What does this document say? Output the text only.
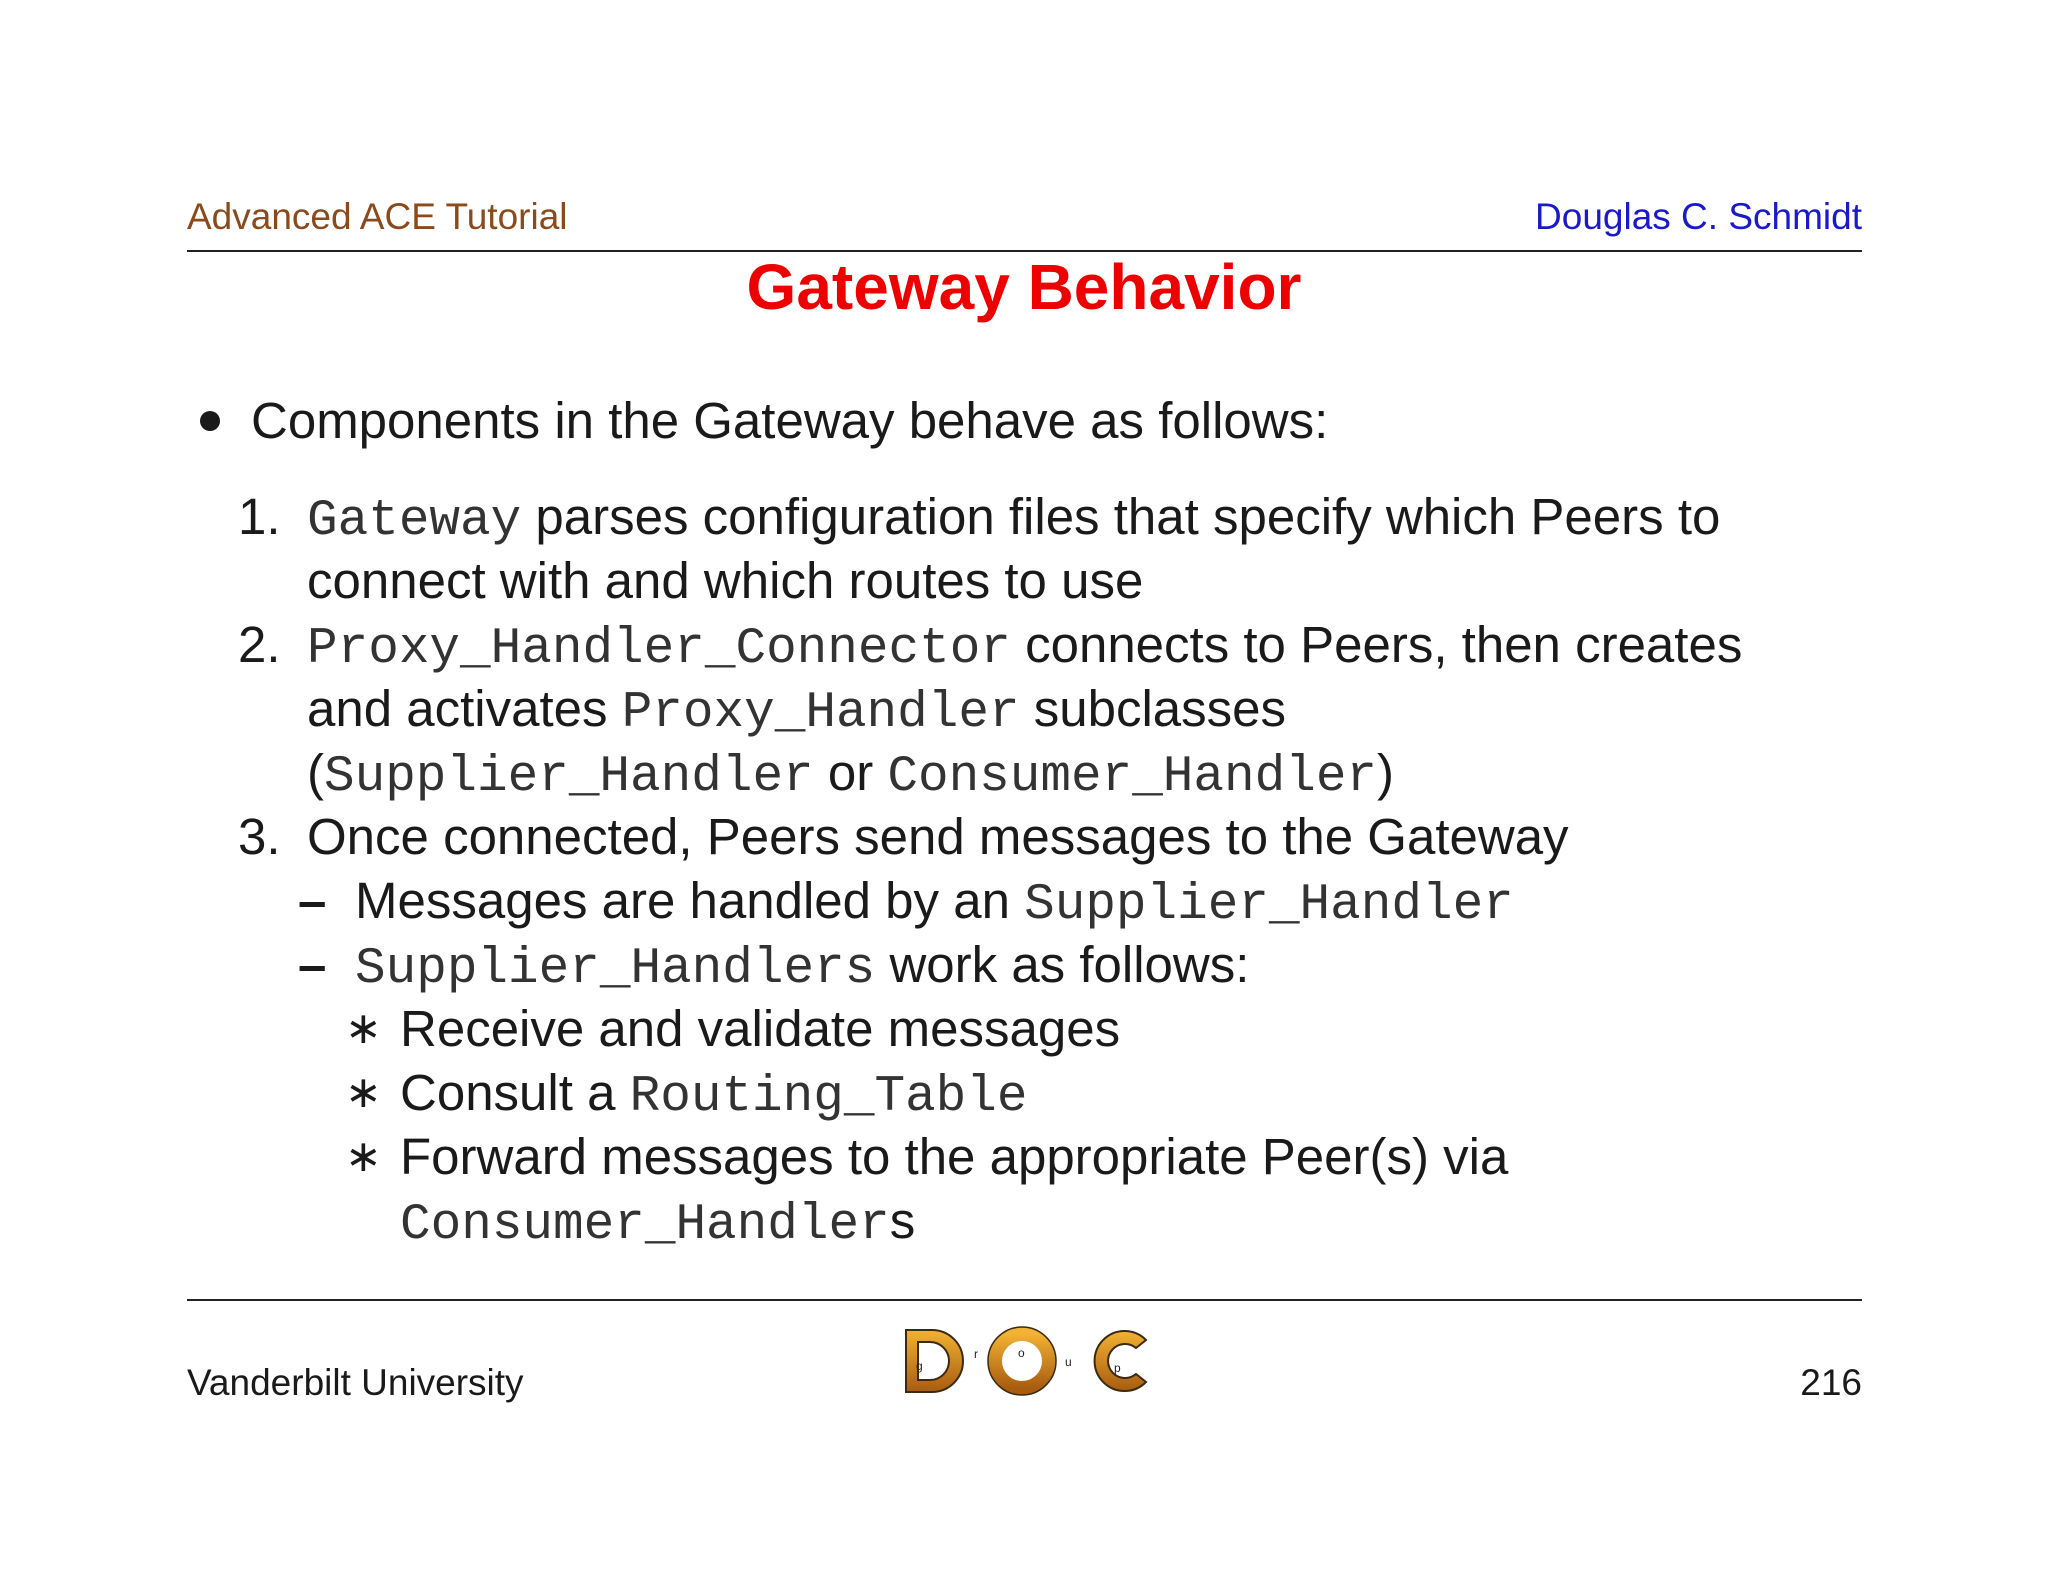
Advanced ACE Tutorial	Douglas C. Schmidt
Gateway Behavior
Components in the Gateway behave as follows:
1. Gateway parses configuration files that specify which Peers to
connect with and which routes to use
2. Proxy_Handler_Connector connects to Peers, then creates
and activates Proxy_Handler subclasses
(Supplier_Handler or Consumer_Handler)
3. Once connected, Peers send messages to the Gateway
– Messages are handled by an Supplier_Handler
– Supplier_Handlers work as follows:
∗ Receive and validate messages
∗ Consult a Routing_Table
∗ Forward messages to the appropriate Peer(s) via
Consumer_Handlers
Vanderbilt University	216
g
r	o
u	p
